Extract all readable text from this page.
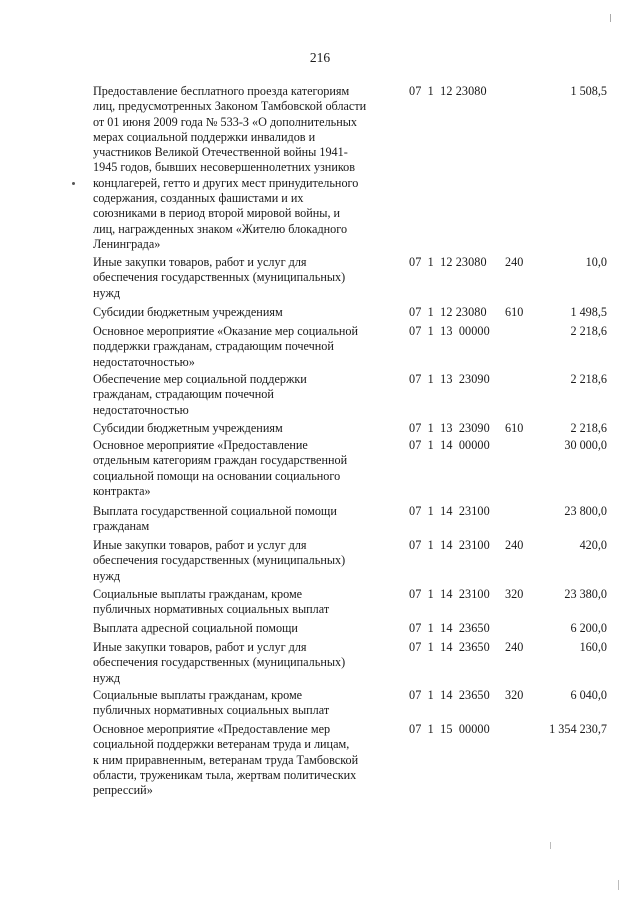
216
Предоставление бесплатного проезда категориям
лиц, предусмотренных Законом Тамбовской области
от 01 июня 2009 года № 533-З «О дополнительных
мерах социальной поддержки инвалидов и
участников Великой Отечественной войны 1941-
1945 годов, бывших несовершеннолетних узников
концлагерей, гетто и других мест принудительного
содержания, созданных фашистами и их
союзниками в период второй мировой войны, и
лиц, награжденных знаком «Жителю блокадного
Ленинграда»
07  1  12 23080	1 508,5
Иные закупки товаров, работ и услуг для
обеспечения государственных (муниципальных)
нужд
07  1  12 23080 240	10,0
Субсидии бюджетным учреждениям	07  1  12 23080 610	1 498,5
Основное мероприятие «Оказание мер социальной
поддержки гражданам, страдающим почечной
недостаточностью»
07  1  13  00000	2 218,6
Обеспечение мер социальной поддержки
гражданам, страдающим почечной
недостаточностью
07  1  13  23090	2 218,6
Субсидии бюджетным учреждениям	07  1  13  23090 610	2 218,6
Основное мероприятие «Предоставление
отдельным категориям граждан государственной
социальной помощи на основании социального
контракта»
07  1  14  00000	30 000,0
Выплата государственной социальной помощи
гражданам
07  1  14  23100	23 800,0
Иные закупки товаров, работ и услуг для
обеспечения государственных (муниципальных)
нужд
07  1  14  23100 240	420,0
Социальные выплаты гражданам, кроме
публичных нормативных социальных выплат
07  1  14  23100 320	23 380,0
Выплата адресной социальной помощи	07  1  14  23650	6 200,0
Иные закупки товаров, работ и услуг для
обеспечения государственных (муниципальных)
нужд
07  1  14  23650 240	160,0
Социальные выплаты гражданам, кроме
публичных нормативных социальных выплат
07  1  14  23650 320	6 040,0
Основное мероприятие «Предоставление мер
социальной поддержки ветеранам труда и лицам,
к ним приравненным, ветеранам труда Тамбовской
области, труженикам тыла, жертвам политических
репрессий»
07  1  15  00000	1 354 230,7
